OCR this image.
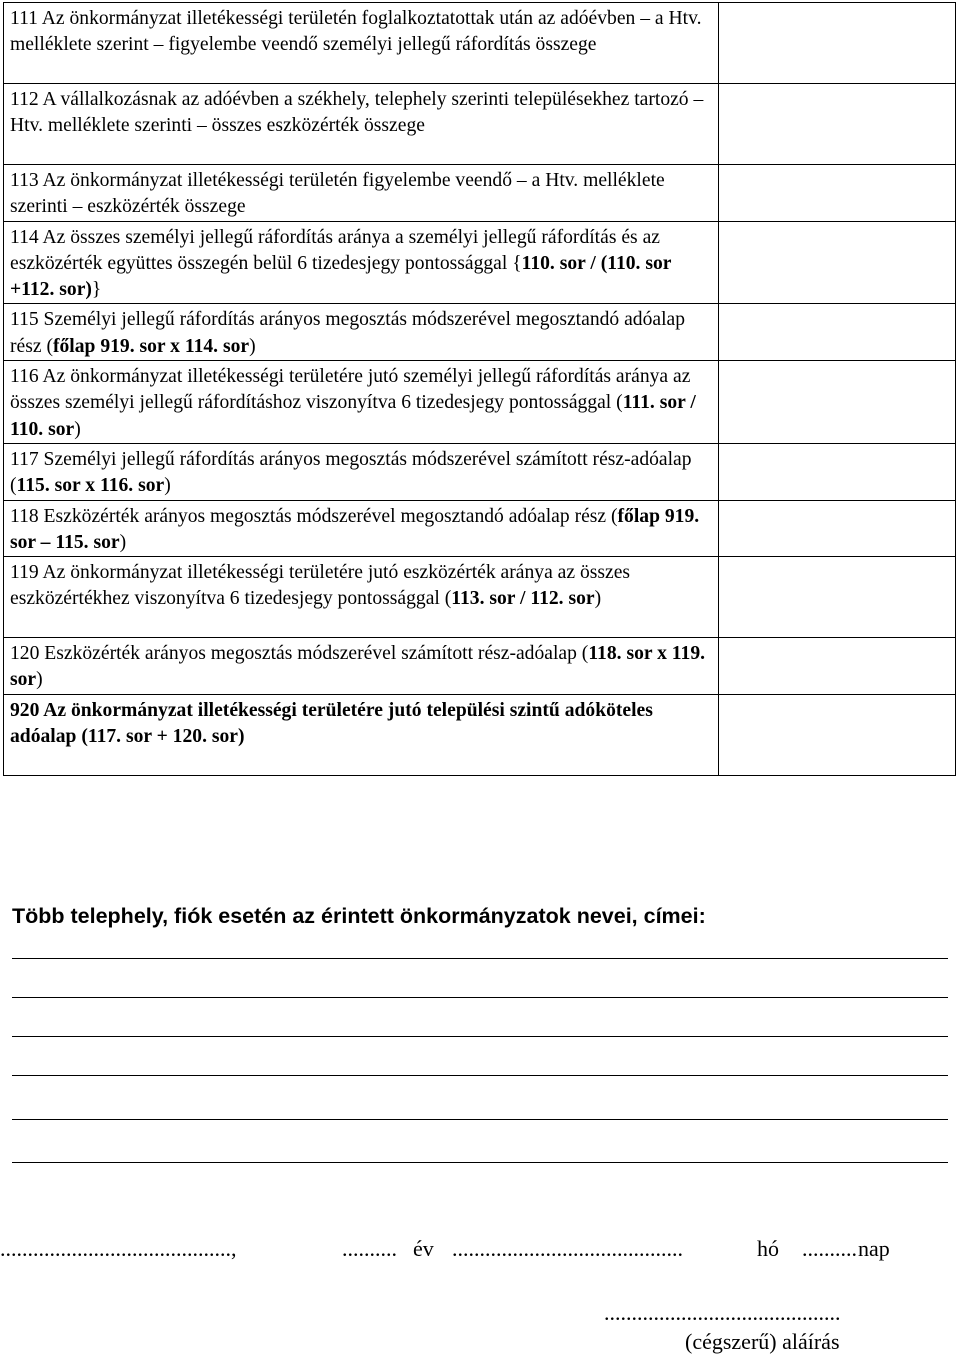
111 Az önkormányzat illetékességi területén foglalkoztatottak után az adóévben – a Htv. melléklete szerint – figyelembe veendő személyi jellegű ráfordítás összege	
112 A vállalkozásnak az adóévben a székhely, telephely szerinti településekhez tartozó – Htv. melléklete szerinti – összes eszközérték összege	
113 Az önkormányzat illetékességi területén figyelembe veendő – a Htv. melléklete szerinti – eszközérték összege	
114 Az összes személyi jellegű ráfordítás aránya a személyi jellegű ráfordítás és az eszközérték együttes összegén belül 6 tizedesjegy pontossággal {110. sor / (110. sor +112. sor)}	
115 Személyi jellegű ráfordítás arányos megosztás módszerével megosztandó adóalap rész (főlap 919. sor x 114. sor)	
116 Az önkormányzat illetékességi területére jutó személyi jellegű ráfordítás aránya az összes személyi jellegű ráfordításhoz viszonyítva 6 tizedesjegy pontossággal (111. sor / 110. sor)	
117 Személyi jellegű ráfordítás arányos megosztás módszerével számított rész-adóalap (115. sor x 116. sor)	
118 Eszközérték arányos megosztás módszerével megosztandó adóalap rész (főlap 919. sor – 115. sor)	
119 Az önkormányzat illetékességi területére jutó eszközérték aránya az összes eszközértékhez viszonyítva 6 tizedesjegy pontossággal (113. sor / 112. sor)	
120 Eszközérték arányos megosztás módszerével számított rész-adóalap (118. sor x 119. sor)	
920 Az önkormányzat illetékességi területére jutó települési szintű adóköteles adóalap (117. sor + 120. sor)	
Több telephely, fiók esetén az érintett önkormányzatok nevei, címei:
..........................................,	.......... év ..........................................	hó .......... nap
...........................................
(cégszerű) aláírás
